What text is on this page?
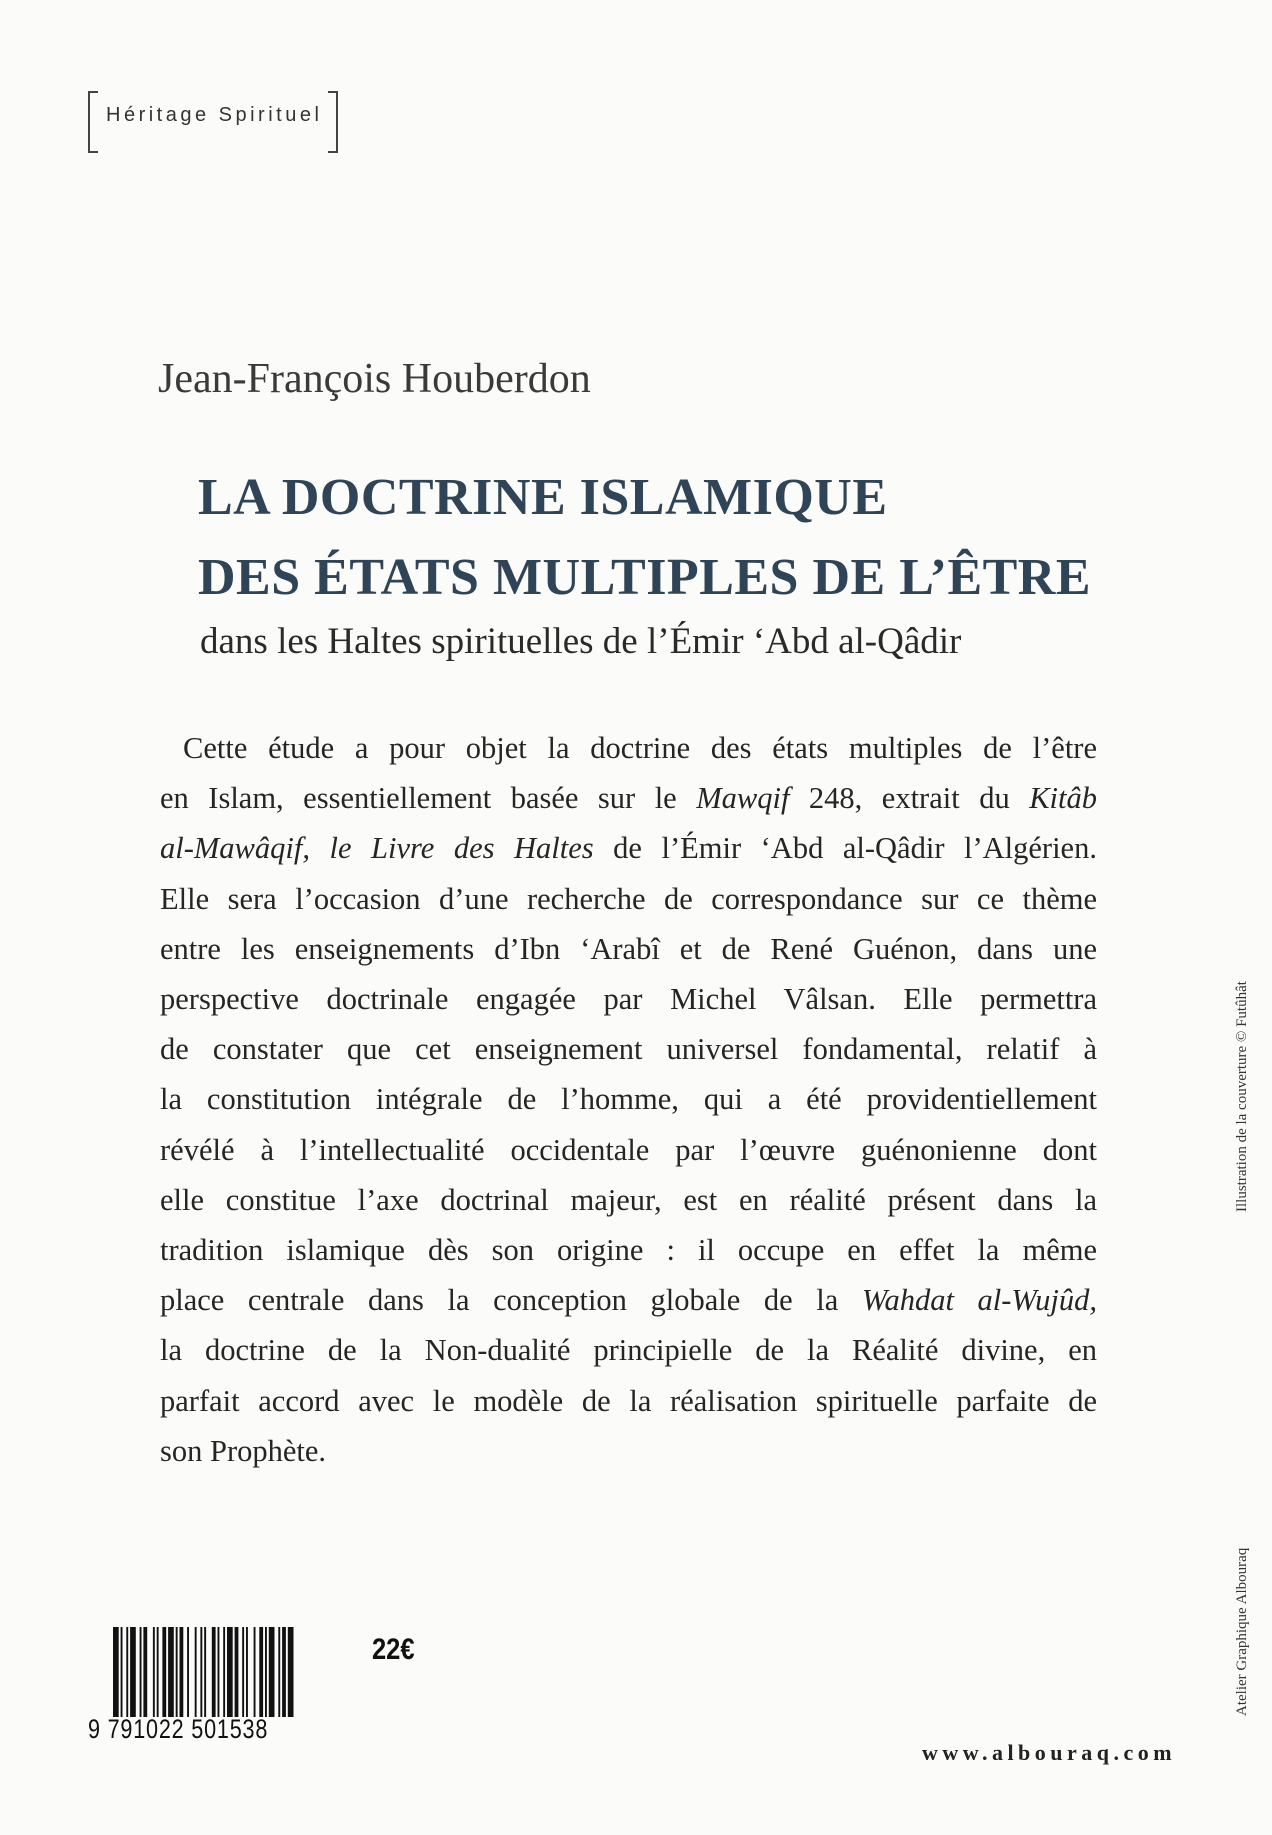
Héritage Spirituel
Jean-François Houberdon
LA DOCTRINE ISLAMIQUE
DES ÉTATS MULTIPLES DE L’ÊTRE
dans les Haltes spirituelles de l’Émir ‘Abd al-Qâdir
Cette étude a pour objet la doctrine des états multiples de l’être
en Islam, essentiellement basée sur le Mawqif 248, extrait du Kitâb
al-Mawâqif, le Livre des Haltes de l’Émir ‘Abd al-Qâdir l’Algérien.
Elle sera l’occasion d’une recherche de correspondance sur ce thème
entre les enseignements d’Ibn ‘Arabî et de René Guénon, dans une
perspective doctrinale engagée par Michel Vâlsan. Elle permettra
de constater que cet enseignement universel fondamental, relatif à
la constitution intégrale de l’homme, qui a été providentiellement
révélé à l’intellectualité occidentale par l’œuvre guénonienne dont
elle constitue l’axe doctrinal majeur, est en réalité présent dans la
tradition islamique dès son origine : il occupe en effet la même
place centrale dans la conception globale de la Wahdat al-Wujûd,
la doctrine de la Non-dualité principielle de la Réalité divine, en
parfait accord avec le modèle de la réalisation spirituelle parfaite de
son Prophète.
9 791022 501538
22€
www.albouraq.com
Illustration de la couverture © Futûhât
Atelier Graphique Albouraq
